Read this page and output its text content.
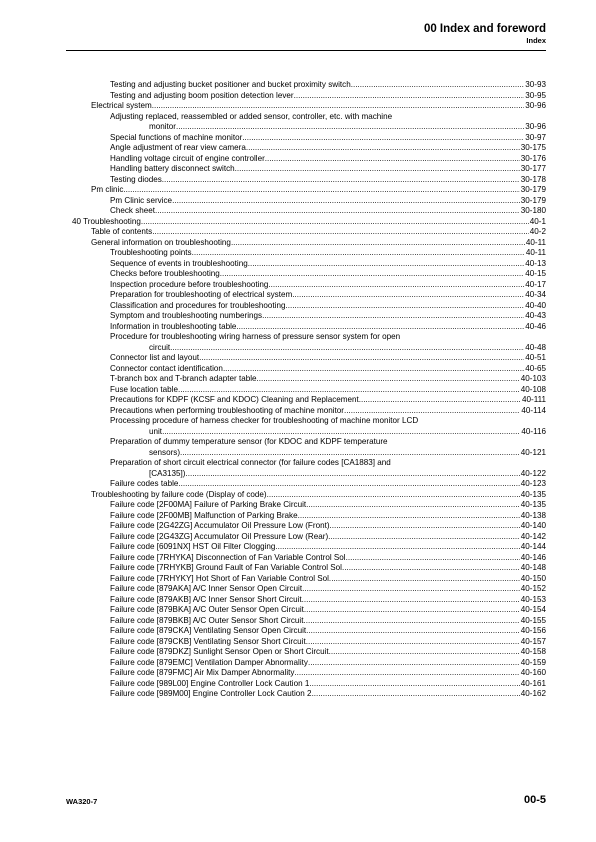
00 Index and foreword
Index
Testing and adjusting bucket positioner and bucket proximity switch .....	30-93
Testing and adjusting boom position detection lever .....	30-95
Electrical system .....	30-96
Adjusting replaced, reassembled or added sensor, controller, etc. with machine
monitor .....	30-96
Special functions of machine monitor .....	30-97
Angle adjustment of rear view camera .....	30-175
Handling voltage circuit of engine controller .....	30-176
Handling battery disconnect switch .....	30-177
Testing diodes .....	30-178
Pm clinic .....	30-179
Pm Clinic service .....	30-179
Check sheet .....	30-180
40 Troubleshooting .....	40-1
Table of contents .....	40-2
General information on troubleshooting .....	40-11
Troubleshooting points .....	40-11
Sequence of events in troubleshooting .....	40-13
Checks before troubleshooting .....	40-15
Inspection procedure before troubleshooting .....	40-17
Preparation for troubleshooting of electrical system .....	40-34
Classification and procedures for troubleshooting .....	40-40
Symptom and troubleshooting numberings .....	40-43
Information in troubleshooting table .....	40-46
Procedure for troubleshooting wiring harness of pressure sensor system for open
circuit .....	40-48
Connector list and layout .....	40-51
Connector contact identification .....	40-65
T-branch box and T-branch adapter table .....	40-103
Fuse location table .....	40-108
Precautions for KDPF (KCSF and KDOC) Cleaning and Replacement .....	40-111
Precautions when performing troubleshooting of machine monitor .....	40-114
Processing procedure of harness checker for troubleshooting of machine monitor LCD
unit .....	40-116
Preparation of dummy temperature sensor (for KDOC and KDPF temperature
sensors) .....	40-121
Preparation of short circuit electrical connector (for failure codes [CA1883] and
[CA3135]) .....	40-122
Failure codes table .....	40-123
Troubleshooting by failure code (Display of code) .....	40-135
Failure code [2F00MA] Failure of Parking Brake Circuit .....	40-135
Failure code [2F00MB] Malfunction of Parking Brake .....	40-138
Failure code [2G42ZG] Accumulator Oil Pressure Low (Front) .....	40-140
Failure code [2G43ZG] Accumulator Oil Pressure Low (Rear) .....	40-142
Failure code [6091NX] HST Oil Filter Clogging .....	40-144
Failure code [7RHYKA] Disconnection of Fan Variable Control Sol. .....	40-146
Failure code [7RHYKB] Ground Fault of Fan Variable Control Sol. .....	40-148
Failure code [7RHYKY] Hot Short of Fan Variable Control Sol. .....	40-150
Failure code [879AKA] A/C Inner Sensor Open Circuit .....	40-152
Failure code [879AKB] A/C Inner Sensor Short Circuit .....	40-153
Failure code [879BKA] A/C Outer Sensor Open Circuit .....	40-154
Failure code [879BKB] A/C Outer Sensor Short Circuit .....	40-155
Failure code [879CKA] Ventilating Sensor Open Circuit .....	40-156
Failure code [879CKB] Ventilating Sensor Short Circuit .....	40-157
Failure code [879DKZ] Sunlight Sensor Open or Short Circuit .....	40-158
Failure code [879EMC] Ventilation Damper Abnormality .....	40-159
Failure code [879FMC] Air Mix Damper Abnormality .....	40-160
Failure code [989L00] Engine Controller Lock Caution 1 .....	40-161
Failure code [989M00] Engine Controller Lock Caution 2 .....	40-162
WA320-7	00-5
